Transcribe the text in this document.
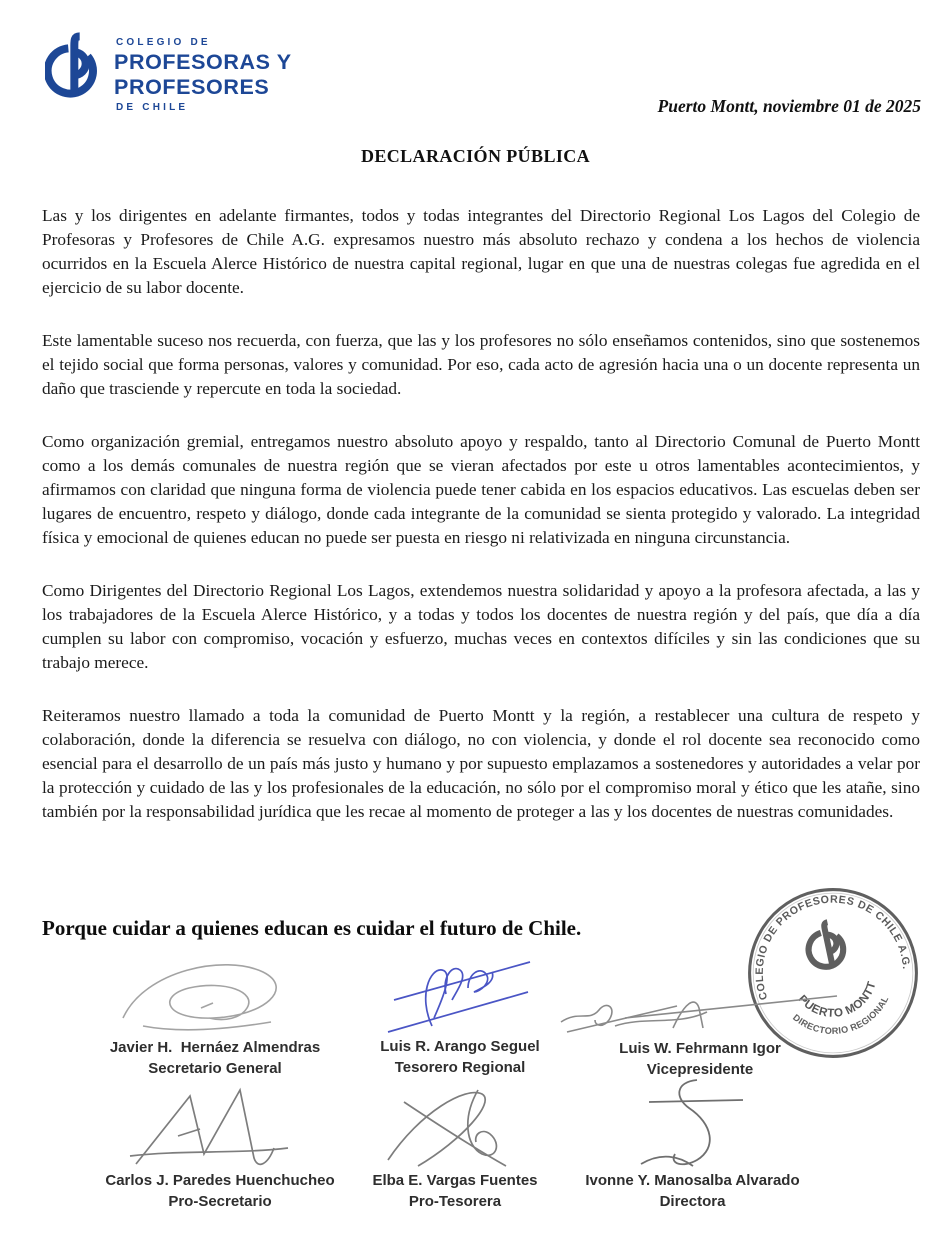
COLEGIO DE
PROFESORAS Y
PROFESORES
DE CHILE	Puerto Montt, noviembre 01 de 2025
DECLARACIÓN PÚBLICA

Las y los dirigentes en adelante firmantes, todos y todas integrantes del Directorio Regional Los Lagos del Colegio de Profesoras y Profesores de Chile A.G. expresamos nuestro más absoluto rechazo y condena a los hechos de violencia ocurridos en la Escuela Alerce Histórico de nuestra capital regional, lugar en que una de nuestras colegas fue agredida en el ejercicio de su labor docente.

Este lamentable suceso nos recuerda, con fuerza, que las y los profesores no sólo enseñamos contenidos, sino que sostenemos el tejido social que forma personas, valores y comunidad. Por eso, cada acto de agresión hacia una o un docente representa un daño que trasciende y repercute en toda la sociedad.

Como organización gremial, entregamos nuestro absoluto apoyo y respaldo, tanto al Directorio Comunal de Puerto Montt como a los demás comunales de nuestra región que se vieran afectados por este u otros lamentables acontecimientos, y afirmamos con claridad que ninguna forma de violencia puede tener cabida en los espacios educativos. Las escuelas deben ser lugares de encuentro, respeto y diálogo, donde cada integrante de la comunidad se sienta protegido y valorado. La integridad física y emocional de quienes educan no puede ser puesta en riesgo ni relativizada en ninguna circunstancia.

Como Dirigentes del Directorio Regional Los Lagos, extendemos nuestra solidaridad y apoyo a la profesora afectada, a las y los trabajadores de la Escuela Alerce Histórico, y a todas y todos los docentes de nuestra región y del país, que día a día cumplen su labor con compromiso, vocación y esfuerzo, muchas veces en contextos difíciles y sin las condiciones que su trabajo merece.

Reiteramos nuestro llamado a toda la comunidad de Puerto Montt y la región, a restablecer una cultura de respeto y colaboración, donde la diferencia se resuelva con diálogo, no con violencia, y donde el rol docente sea reconocido como esencial para el desarrollo de un país más justo y humano y por supuesto emplazamos a sostenedores y autoridades a velar por la protección y cuidado de las y los profesionales de la educación, no sólo por el compromiso moral y ético que les atañe, sino también por la responsabilidad jurídica que les recae al momento de proteger a las y los docentes de nuestras comunidades.

Porque cuidar a quienes educan es cuidar el futuro de Chile.
COLEGIO DE PROFESORES DE CHILE A.G.
PUERTO MONTT
DIRECTORIO REGIONAL
Javier H.  Hernáez Almendras
Secretario General
Luis R. Arango Seguel
Tesorero Regional
Luis W. Fehrmann Igor
Vicepresidente
Carlos J. Paredes Huenchucheo
Pro-Secretario
Elba E. Vargas Fuentes
Pro-Tesorera
Ivonne Y. Manosalba Alvarado
Directora
